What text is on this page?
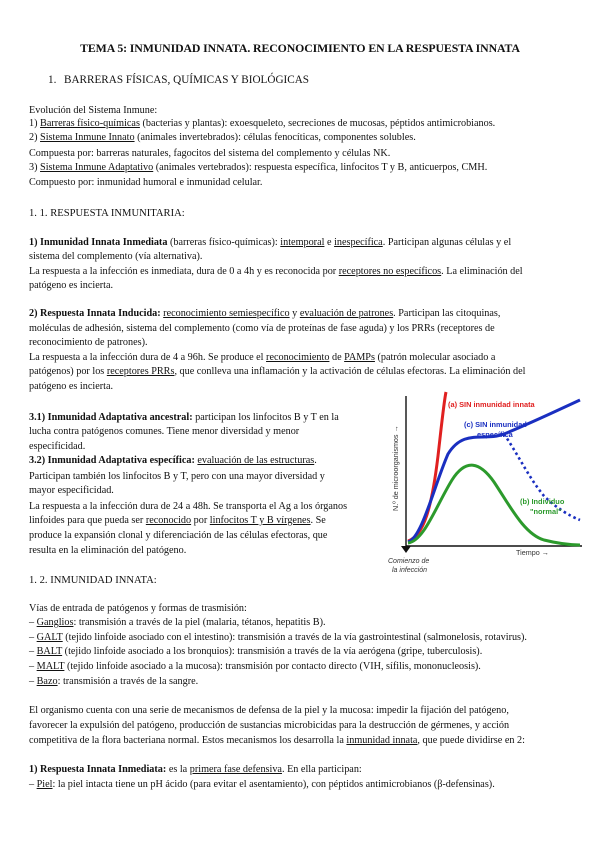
TEMA 5: INMUNIDAD INNATA. RECONOCIMIENTO EN LA RESPUESTA INNATA
1. BARRERAS FÍSICAS, QUÍMICAS Y BIOLÓGICAS
Evolución del Sistema Inmune:
1) Barreras físico-químicas (bacterias y plantas): exoesqueleto, secreciones de mucosas, péptidos antimicrobianos.
2) Sistema Inmune Innato (animales invertebrados): células fenocíticas, componentes solubles.
Compuesta por: barreras naturales, fagocitos del sistema del complemento y células NK.
3) Sistema Inmune Adaptativo (animales vertebrados): respuesta específica, linfocitos T y B, anticuerpos, CMH.
Compuesto por: inmunidad humoral e inmunidad celular.
1. 1. RESPUESTA INMUNITARIA:
1) Inmunidad Innata Inmediata (barreras físico-químicas): intemporal e inespecífica. Participan algunas células y el
sistema del complemento (vía alternativa).
La respuesta a la infección es inmediata, dura de 0 a 4h y es reconocida por receptores no específicos. La eliminación del
patógeno es incierta.
2) Respuesta Innata Inducida: reconocimiento semiespecífico y evaluación de patrones. Participan las citoquinas,
moléculas de adhesión, sistema del complemento (como vía de proteínas de fase aguda) y los PRRs (receptores de
reconocimiento de patrones).
La respuesta a la infección dura de 4 a 96h. Se produce el reconocimiento de PAMPs (patrón molecular asociado a
patógenos) por los receptores PRRs, que conlleva una inflamación y la activación de células efectoras. La eliminación del
patógeno es incierta.
3.1) Inmunidad Adaptativa ancestral: participan los linfocitos B y T en la
lucha contra patógenos comunes. Tiene menor diversidad y menor
especificidad.
3.2) Inmunidad Adaptativa específica: evaluación de las estructuras.
Participan también los linfocitos B y T, pero con una mayor diversidad y
mayor especificidad.
La respuesta a la infección dura de 24 a 48h. Se transporta el Ag a los órganos
linfoides para que pueda ser reconocido por linfocitos T y B vírgenes. Se
produce la expansión clonal y diferenciación de las células efectoras, que
resulta en la eliminación del patógeno.
N.º de microorganismos →
Tiempo →
Comienzo de
la infección
(a) SIN inmunidad innata
(c) SIN inmunidad
específica
(b) Individuo
"normal"
1. 2. INMUNIDAD INNATA:
Vías de entrada de patógenos y formas de trasmisión:
– Ganglios: transmisión a través de la piel (malaria, tétanos, hepatitis B).
– GALT (tejido linfoide asociado con el intestino): transmisión a través de la vía gastrointestinal (salmonelosis, rotavirus).
– BALT (tejido linfoide asociado a los bronquios): transmisión a través de la vía aerógena (gripe, tuberculosis).
– MALT (tejido linfoide asociado a la mucosa): transmisión por contacto directo (VIH, sífilis, mononucleosis).
– Bazo: transmisión a través de la sangre.
El organismo cuenta con una serie de mecanismos de defensa de la piel y la mucosa: impedir la fijación del patógeno,
favorecer la expulsión del patógeno, producción de sustancias microbicidas para la destrucción de gérmenes, y acción
competitiva de la flora bacteriana normal. Estos mecanismos los desarrolla la inmunidad innata, que puede dividirse en 2:
1) Respuesta Innata Inmediata: es la primera fase defensiva. En ella participan:
– Piel: la piel intacta tiene un pH ácido (para evitar el asentamiento), con péptidos antimicrobianos (β-defensinas).
